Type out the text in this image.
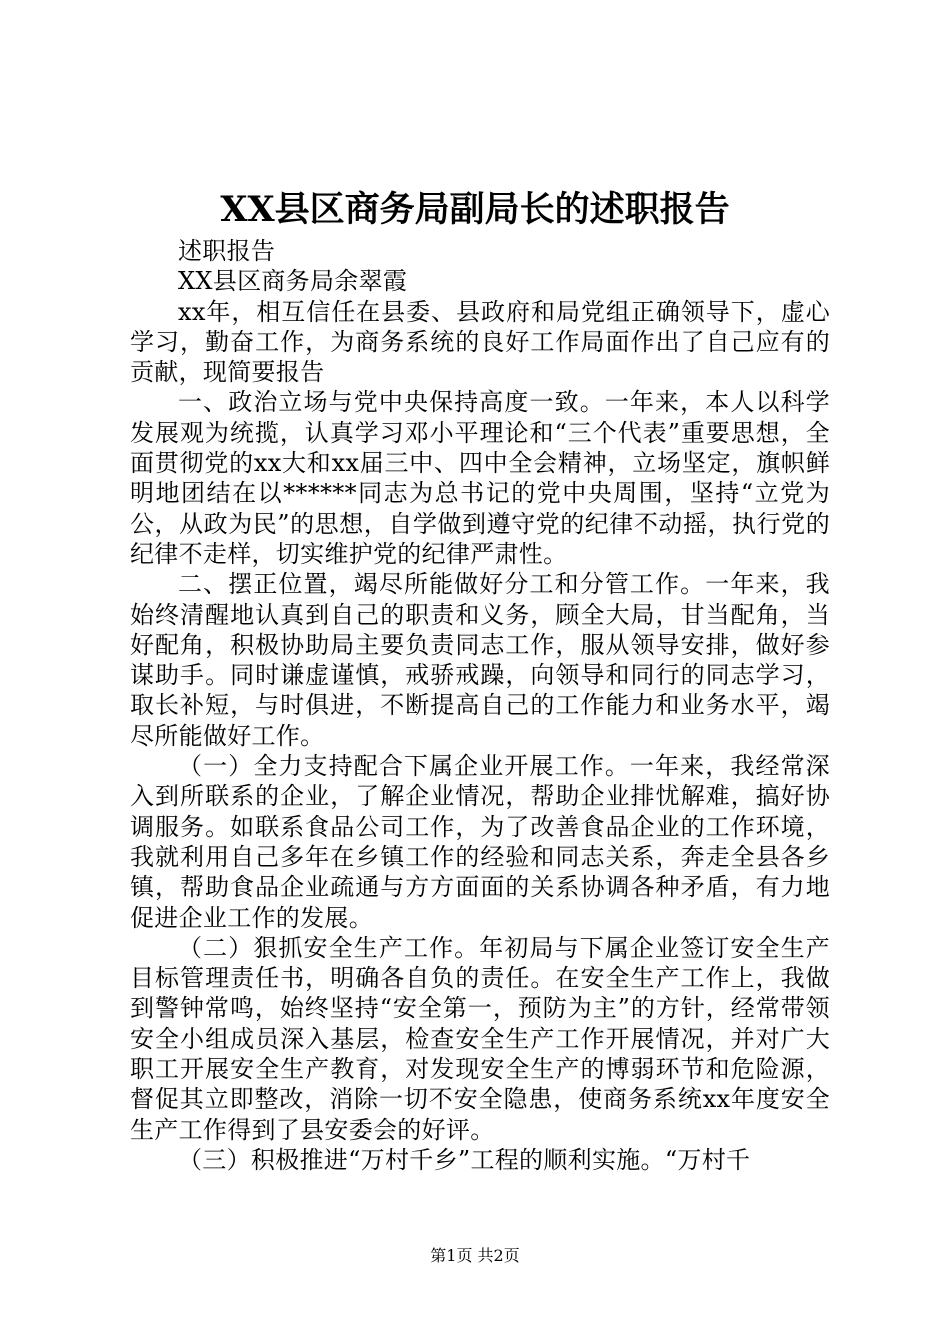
XX县区商务局副局长的述职报告

述职报告

XX县区商务局余翠霞

xx年，相互信任在县委、县政府和局党组正确领导下，虚心学习，勤奋工作，为商务系统的良好工作局面作出了自己应有的贡献，现简要报告

一、政治立场与党中央保持高度一致。一年来，本人以科学发展观为统揽，认真学习邓小平理论和“三个代表”重要思想，全面贯彻党的xx大和xx届三中、四中全会精神，立场坚定，旗帜鲜明地团结在以******同志为总书记的党中央周围，坚持“立党为公，从政为民”的思想，自学做到遵守党的纪律不动摇，执行党的纪律不走样，切实维护党的纪律严肃性。

二、摆正位置，竭尽所能做好分工和分管工作。一年来，我始终清醒地认真到自己的职责和义务，顾全大局，甘当配角，当好配角，积极协助局主要负责同志工作，服从领导安排，做好参谋助手。同时谦虚谨慎，戒骄戒躁，向领导和同行的同志学习，取长补短，与时俱进，不断提高自己的工作能力和业务水平，竭尽所能做好工作。

（一）全力支持配合下属企业开展工作。一年来，我经常深入到所联系的企业，了解企业情况，帮助企业排忧解难，搞好协调服务。如联系食品公司工作，为了改善食品企业的工作环境，我就利用自己多年在乡镇工作的经验和同志关系，奔走全县各乡镇，帮助食品企业疏通与方方面面的关系协调各种矛盾，有力地促进企业工作的发展。

（二）狠抓安全生产工作。年初局与下属企业签订安全生产目标管理责任书，明确各自负的责任。在安全生产工作上，我做到警钟常鸣，始终坚持“安全第一，预防为主”的方针，经常带领安全小组成员深入基层，检查安全生产工作开展情况，并对广大职工开展安全生产教育，对发现安全生产的博弱环节和危险源，督促其立即整改，消除一切不安全隐患，使商务系统xx年度安全生产工作得到了县安委会的好评。

（三）积极推进“万村千乡”工程的顺利实施。“万村千

第1页 共2页
